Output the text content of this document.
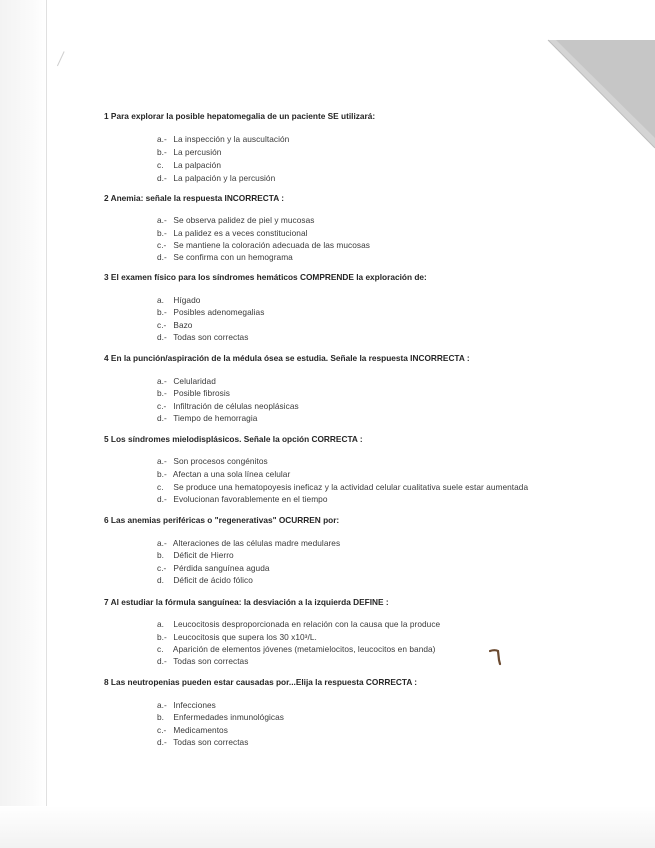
1 Para explorar la posible hepatomegalia de un paciente SE utilizará:
a.- La inspección y la auscultación
b.- La percusión
c. La palpación
d.- La palpación y la percusión
2 Anemia: señale la respuesta INCORRECTA :
a.- Se observa palidez de piel y mucosas
b.- La palidez es a veces constitucional
c.- Se mantiene la coloración adecuada de las mucosas
d.- Se confirma con un hemograma
3 El examen físico para los síndromes hemáticos COMPRENDE la exploración de:
a. Hígado
b.- Posibles adenomegalias
c.- Bazo
d.- Todas son correctas
4 En la punción/aspiración de la médula ósea se estudia. Señale la respuesta INCORRECTA :
a.- Celularidad
b.- Posible fibrosis
c.- Infiltración de células neoplásicas
d.- Tiempo de hemorragia
5 Los síndromes mielodisplásicos. Señale la opción CORRECTA :
a.- Son procesos congénitos
b.- Afectan a una sola línea celular
c. Se produce una hematopoyesis ineficaz y la actividad celular cualitativa suele estar aumentada
d.- Evolucionan favorablemente en el tiempo
6 Las anemias periféricas o "regenerativas" OCURREN por:
a.- Alteraciones de las células madre medulares
b. Déficit de Hierro
c.- Pérdida sanguínea aguda
d. Déficit de ácido fólico
7 Al estudiar la fórmula sanguínea: la desviación a la izquierda DEFINE :
a. Leucocitosis desproporcionada en relación con la causa que la produce
b.- Leucocitosis que supera los 30 x10³/L.
c. Aparición de elementos jóvenes (metamielocitos, leucocitos en banda)
d.- Todas son correctas
8 Las neutropenias pueden estar causadas por...Elija la respuesta CORRECTA :
a.- Infecciones
b. Enfermedades inmunológicas
c.- Medicamentos
d.- Todas son correctas
